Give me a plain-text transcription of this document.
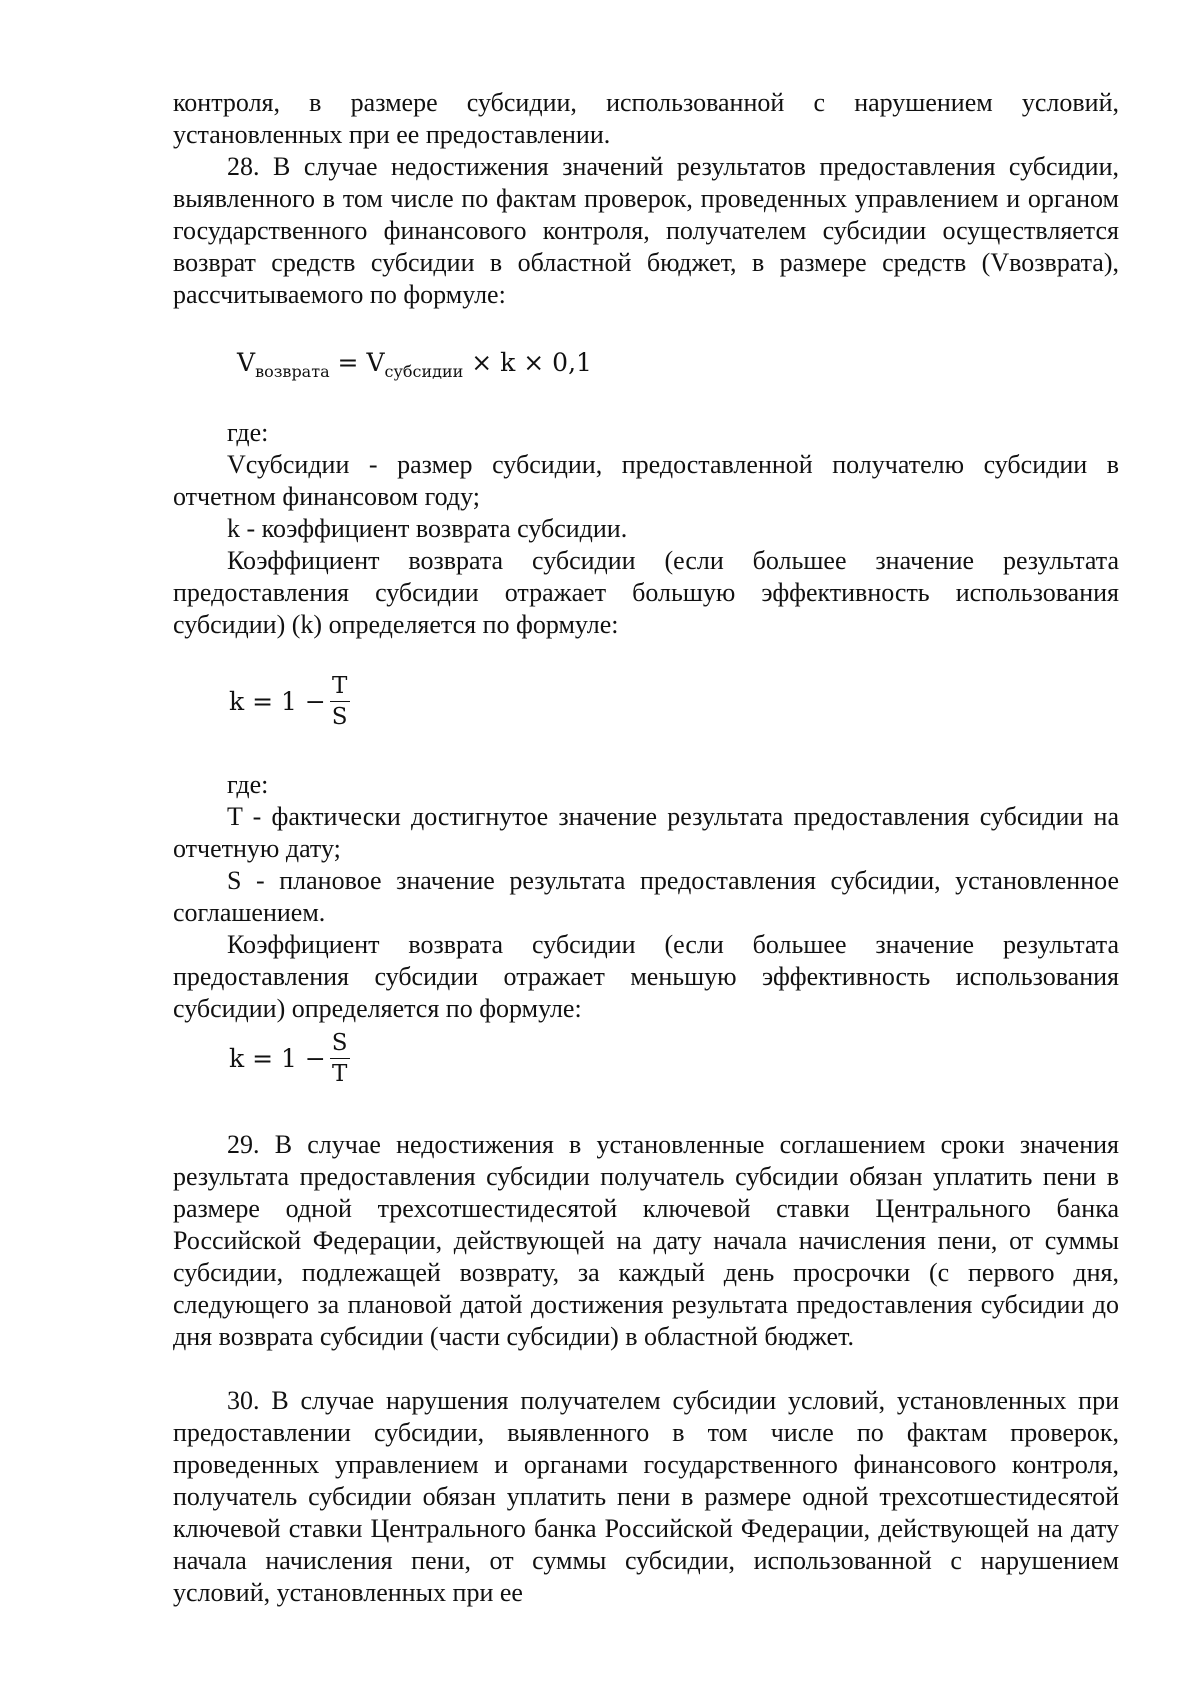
контроля, в размере субсидии, использованной с нарушением условий, установленных при ее предоставлении.

28. В случае недостижения значений результатов предоставления субсидии, выявленного в том числе по фактам проверок, проведенных управлением и органом государственного финансового контроля, получателем субсидии осуществляется возврат средств субсидии в областной бюджет, в размере средств (Vвозврата), рассчитываемого по формуле:

$V_{возврата} = V_{субсидии} \times k \times 0,1$

где:

Vсубсидии - размер субсидии, предоставленной получателю субсидии в отчетном финансовом году;

k - коэффициент возврата субсидии.

Коэффициент возврата субсидии (если большее значение результата предоставления субсидии отражает большую эффективность использования субсидии) (k) определяется по формуле:

$k = 1 - \frac{T}{S}$

где:

T - фактически достигнутое значение результата предоставления субсидии на отчетную дату;

S - плановое значение результата предоставления субсидии, установленное соглашением.

Коэффициент возврата субсидии (если большее значение результата предоставления субсидии отражает меньшую эффективность использования субсидии) определяется по формуле:

$k = 1 - \frac{S}{T}$

29. В случае недостижения в установленные соглашением сроки значения результата предоставления субсидии получатель субсидии обязан уплатить пени в размере одной трехсотшестидесятой ключевой ставки Центрального банка Российской Федерации, действующей на дату начала начисления пени, от суммы субсидии, подлежащей возврату, за каждый день просрочки (с первого дня, следующего за плановой датой достижения результата предоставления субсидии до дня возврата субсидии (части субсидии) в областной бюджет.

30. В случае нарушения получателем субсидии условий, установленных при предоставлении субсидии, выявленного в том числе по фактам проверок, проведенных управлением и органами государственного финансового контроля, получатель субсидии обязан уплатить пени в размере одной трехсотшестидесятой ключевой ставки Центрального банка Российской Федерации, действующей на дату начала начисления пени, от суммы субсидии, использованной с нарушением условий, установленных при ее
